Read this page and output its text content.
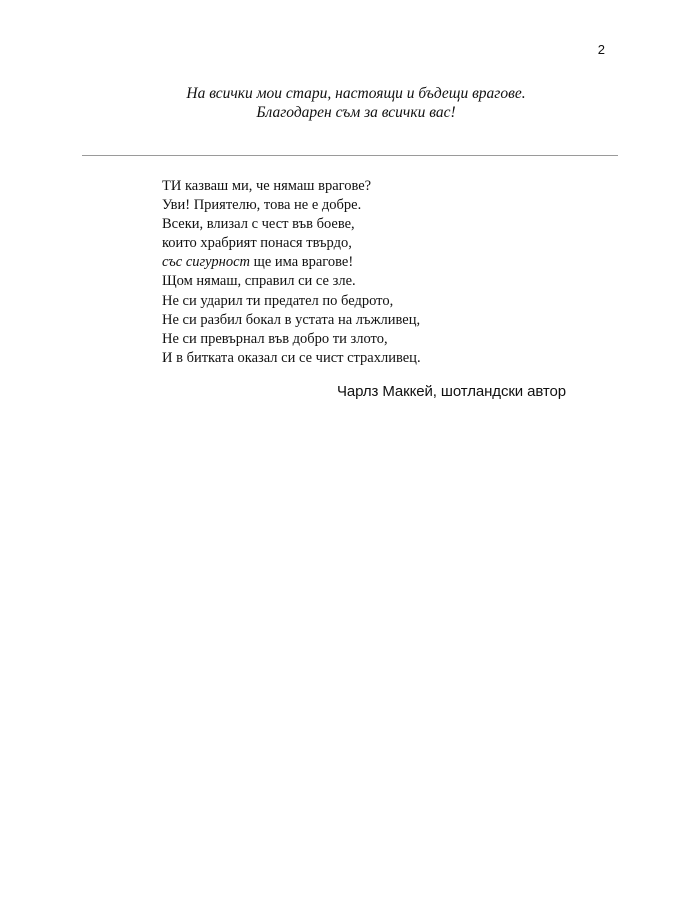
2
На всички мои стари, настоящи и бъдещи врагове.
Благодарен съм за всички вас!
ТИ казваш ми, че нямаш врагове?
Уви! Приятелю, това не е добре.
Всеки, влизал с чест във боеве,
които храбрият понася твърдо,
със сигурност ще има врагове!
Щом нямаш, справил си се зле.
Не си ударил ти предател по бедрото,
Не си разбил бокал в устата на лъжливец,
Не си превърнал във добро ти злото,
И в битката оказал си се чист страхливец.
Чарлз Маккей, шотландски автор
